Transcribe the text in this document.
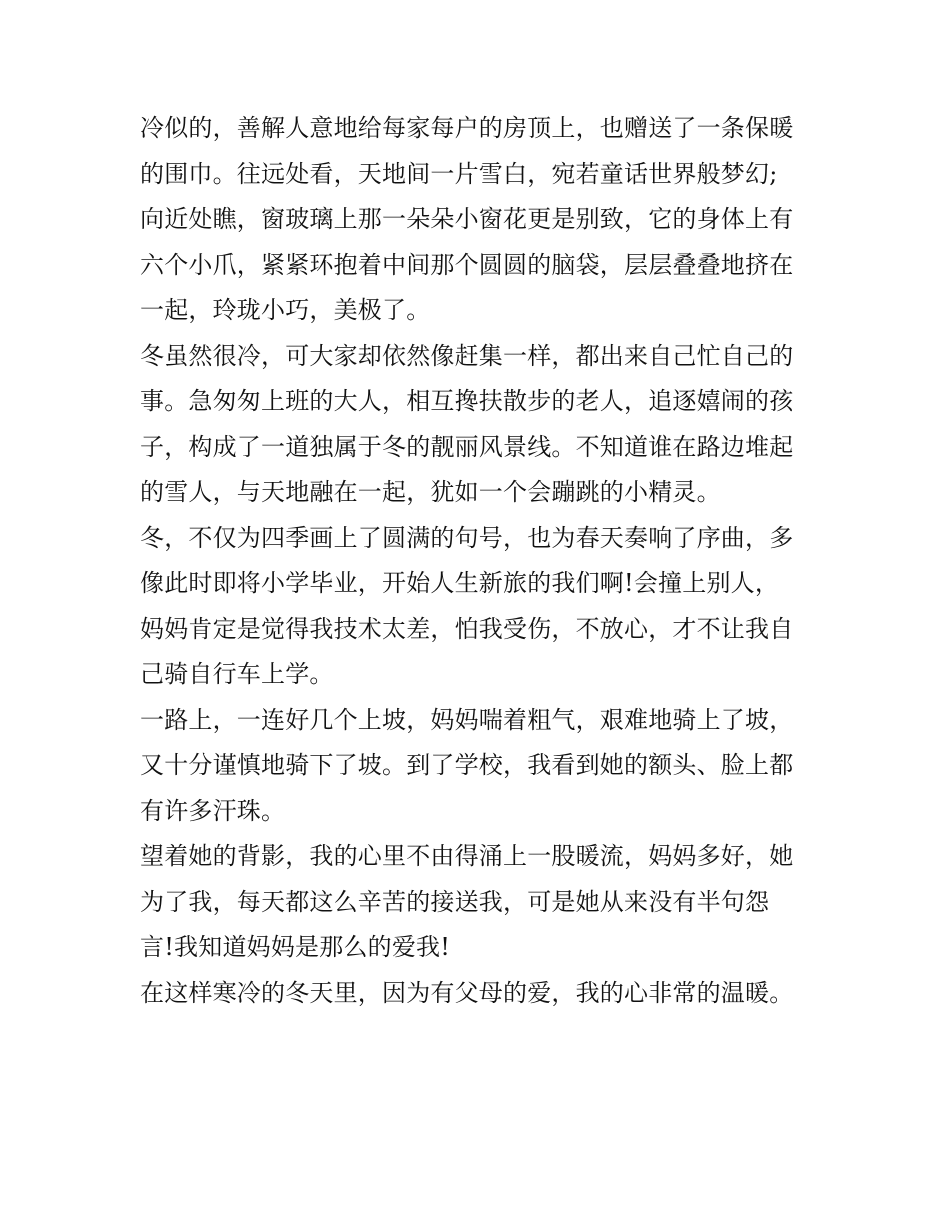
冷似的，善解人意地给每家每户的房顶上，也赠送了一条保暖
的围巾。往远处看，天地间一片雪白，宛若童话世界般梦幻;
向近处瞧，窗玻璃上那一朵朵小窗花更是别致，它的身体上有
六个小爪，紧紧环抱着中间那个圆圆的脑袋，层层叠叠地挤在
一起，玲珑小巧，美极了。
冬虽然很冷，可大家却依然像赶集一样，都出来自己忙自己的
事。急匆匆上班的大人，相互搀扶散步的老人，追逐嬉闹的孩
子，构成了一道独属于冬的靓丽风景线。不知道谁在路边堆起
的雪人，与天地融在一起，犹如一个会蹦跳的小精灵。
冬，不仅为四季画上了圆满的句号，也为春天奏响了序曲，多
像此时即将小学毕业，开始人生新旅的我们啊!会撞上别人，
妈妈肯定是觉得我技术太差，怕我受伤，不放心，才不让我自
己骑自行车上学。
一路上，一连好几个上坡，妈妈喘着粗气，艰难地骑上了坡，
又十分谨慎地骑下了坡。到了学校，我看到她的额头、脸上都
有许多汗珠。
望着她的背影，我的心里不由得涌上一股暖流，妈妈多好，她
为了我，每天都这么辛苦的接送我，可是她从来没有半句怨
言!我知道妈妈是那么的爱我!
在这样寒冷的冬天里，因为有父母的爱，我的心非常的温暖。
